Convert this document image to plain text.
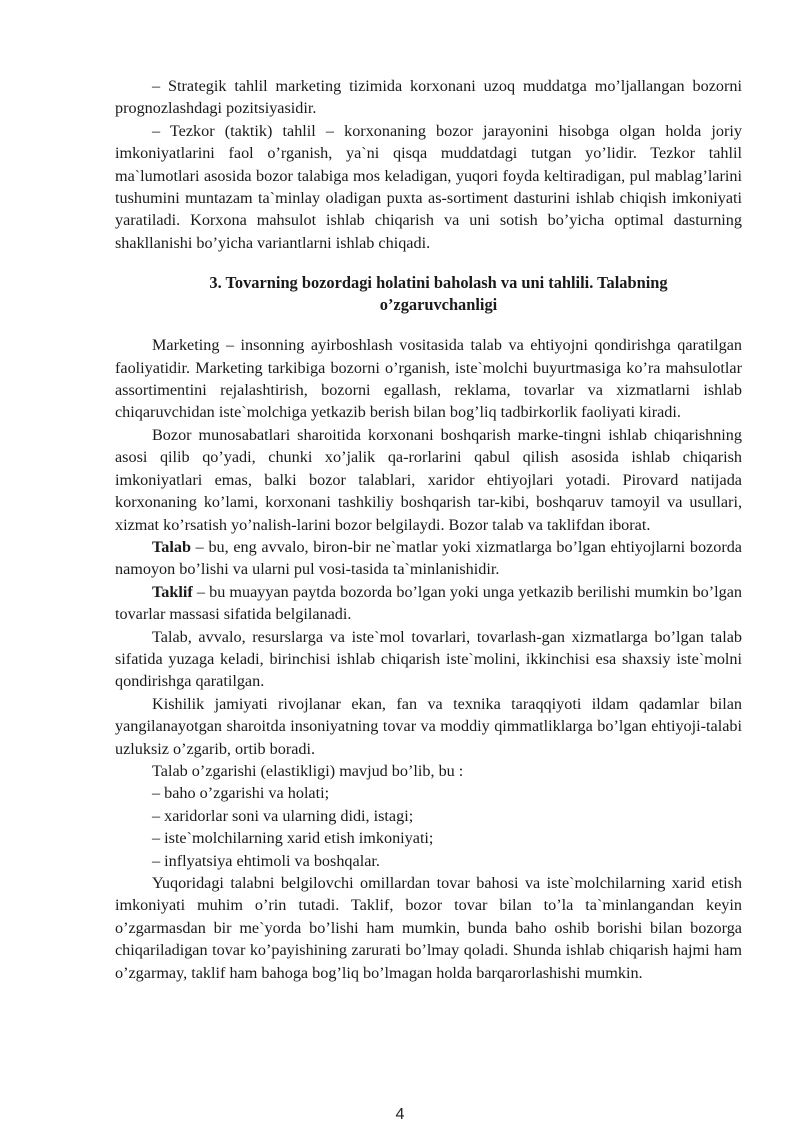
– Strategik tahlil marketing tizimida korxonani uzoq muddatga mo’ljallangan bozorni prognozlashdagi pozitsiyasidir.

– Tezkor (taktik) tahlil – korxonaning bozor jarayonini hisobga olgan holda joriy imkoniyatlarini faol o’rganish, ya`ni qisqa muddatdagi tutgan yo’lidir. Tezkor tahlil ma`lumotlari asosida bozor talabiga mos keladigan, yuqori foyda keltiradigan, pul mablag’larini tushumini muntazam ta`minlay oladigan puxta as-sortiment dasturini ishlab chiqish imkoniyati yaratiladi. Korxona mahsulot ishlab chiqarish va uni sotish bo’yicha optimal dasturning shakllanishi bo’yicha variantlarni ishlab chiqadi.

3. Tovarning bozordagi holatini baholash va uni tahlili. Talabning o’zgaruvchanligi

Marketing – insonning ayirboshlash vositasida talab va ehtiyojni qondirishga qaratilgan faoliyatidir. Marketing tarkibiga bozorni o’rganish, iste`molchi buyurtmasiga ko’ra mahsulotlar assortimentini rejalashtirish, bozorni egallash, reklama, tovarlar va xizmatlarni ishlab chiqaruvchidan iste`molchiga yetkazib berish bilan bog’liq tadbirkorlik faoliyati kiradi.

Bozor munosabatlari sharoitida korxonani boshqarish marke-tingni ishlab chiqarishning asosi qilib qo’yadi, chunki xo’jalik qa-rorlarini qabul qilish asosida ishlab chiqarish imkoniyatlari emas, balki bozor talablari, xaridor ehtiyojlari yotadi. Pirovard natijada korxonaning ko’lami, korxonani tashkiliy boshqarish tar-kibi, boshqaruv tamoyil va usullari, xizmat ko’rsatish yo’nalish-larini bozor belgilaydi. Bozor talab va taklifdan iborat.

Talab – bu, eng avvalo, biron-bir ne`matlar yoki xizmatlarga bo’lgan ehtiyojlarni bozorda namoyon bo’lishi va ularni pul vosi-tasida ta`minlanishidir.

Taklif – bu muayyan paytda bozorda bo’lgan yoki unga yetkazib berilishi mumkin bo’lgan tovarlar massasi sifatida belgilanadi.

Talab, avvalo, resurslarga va iste`mol tovarlari, tovarlash-gan xizmatlarga bo’lgan talab sifatida yuzaga keladi, birinchisi ishlab chiqarish iste`molini, ikkinchisi esa shaxsiy iste`molni qondirishga qaratilgan.

Kishilik jamiyati rivojlanar ekan, fan va texnika taraqqiyoti ildam qadamlar bilan yangilanayotgan sharoitda insoniyatning tovar va moddiy qimmatliklarga bo’lgan ehtiyoji-talabi uzluksiz o’zgarib, ortib boradi.

Talab o’zgarishi (elastikligi) mavjud bo’lib, bu :

– baho o’zgarishi va holati;

– xaridorlar soni va ularning didi, istagi;

– iste`molchilarning xarid etish imkoniyati;

– inflyatsiya ehtimoli va boshqalar.

Yuqoridagi talabni belgilovchi omillardan tovar bahosi va iste`molchilarning xarid etish imkoniyati muhim o’rin tutadi. Taklif, bozor tovar bilan to’la ta`minlangandan keyin o’zgarmasdan bir me`yorda bo’lishi ham mumkin, bunda baho oshib borishi bilan bozorga chiqariladigan tovar ko’payishining zarurati bo’lmay qoladi. Shunda ishlab chiqarish hajmi ham o’zgarmay, taklif ham bahoga bog’liq bo’lmagan holda barqarorlashishi mumkin.

4
